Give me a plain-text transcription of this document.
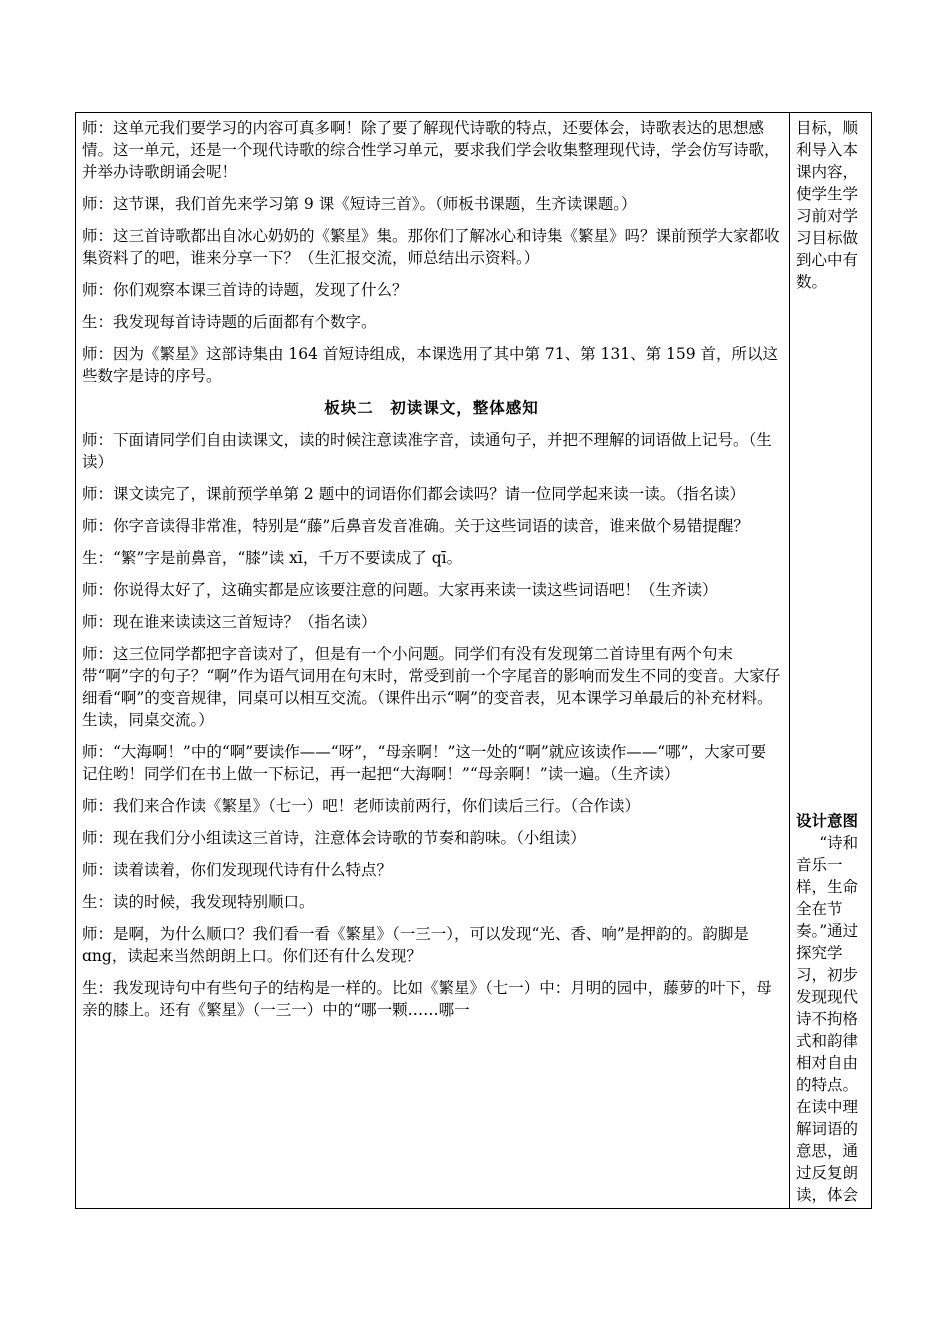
师：这单元我们要学习的内容可真多啊！除了要了解现代诗歌的特点，还要体会，诗歌表达的思想感情。这一单元，还是一个现代诗歌的综合性学习单元，要求我们学会收集整理现代诗，学会仿写诗歌，并举办诗歌朗诵会呢！

师：这节课，我们首先来学习第 9 课《短诗三首》。（师板书课题，生齐读课题。）

师：这三首诗歌都出自冰心奶奶的《繁星》集。那你们了解冰心和诗集《繁星》吗？课前预学大家都收集资料了的吧，谁来分享一下？（生汇报交流，师总结出示资料。）

师：你们观察本课三首诗的诗题，发现了什么？

生：我发现每首诗诗题的后面都有个数字。

师：因为《繁星》这部诗集由 164 首短诗组成，本课选用了其中第 71、第 131、第 159 首，所以这些数字是诗的序号。

板块二　初读课文，整体感知

师：下面请同学们自由读课文，读的时候注意读准字音，读通句子，并把不理解的词语做上记号。（生读）

师：课文读完了，课前预学单第 2 题中的词语你们都会读吗？请一位同学起来读一读。（指名读）

师：你字音读得非常准，特别是“藤”后鼻音发音准确。关于这些词语的读音，谁来做个易错提醒？

生：“繁”字是前鼻音，“膝”读 xī，千万不要读成了 qī。

师：你说得太好了，这确实都是应该要注意的问题。大家再来读一读这些词语吧！（生齐读）

师：现在谁来读读这三首短诗？（指名读）

师：这三位同学都把字音读对了，但是有一个小问题。同学们有没有发现第二首诗里有两个句末带“啊”字的句子？“啊”作为语气词用在句末时，常受到前一个字尾音的影响而发生不同的变音。大家仔细看“啊”的变音规律，同桌可以相互交流。（课件出示“啊”的变音表，见本课学习单最后的补充材料。生读，同桌交流。）

师：“大海啊！”中的“啊”要读作——“呀”，“母亲啊！”这一处的“啊”就应该读作——“哪”，大家可要记住哟！同学们在书上做一下标记，再一起把“大海啊！”“母亲啊！”读一遍。（生齐读）

师：我们来合作读《繁星》（七一）吧！老师读前两行，你们读后三行。（合作读）

师：现在我们分小组读这三首诗，注意体会诗歌的节奏和韵味。（小组读）

师：读着读着，你们发现现代诗有什么特点？

生：读的时候，我发现特别顺口。

师：是啊，为什么顺口？我们看一看《繁星》（一三一），可以发现“光、香、响”是押韵的。韵脚是 ɑng，读起来当然朗朗上口。你们还有什么发现？

生：我发现诗句中有些句子的结构是一样的。比如《繁星》（七一）中：月明的园中，藤萝的叶下，母亲的膝上。还有《繁星》（一三一）中的“哪一颗……哪一

目标，顺利导入本课内容，使学生学习前对学习目标做到心中有数。

设计意图

“诗和音乐一样，生命全在节奏。”通过探究学习，初步发现现代诗不拘格式和韵律相对自由的特点。在读中理解词语的意思，通过反复朗读，体会
